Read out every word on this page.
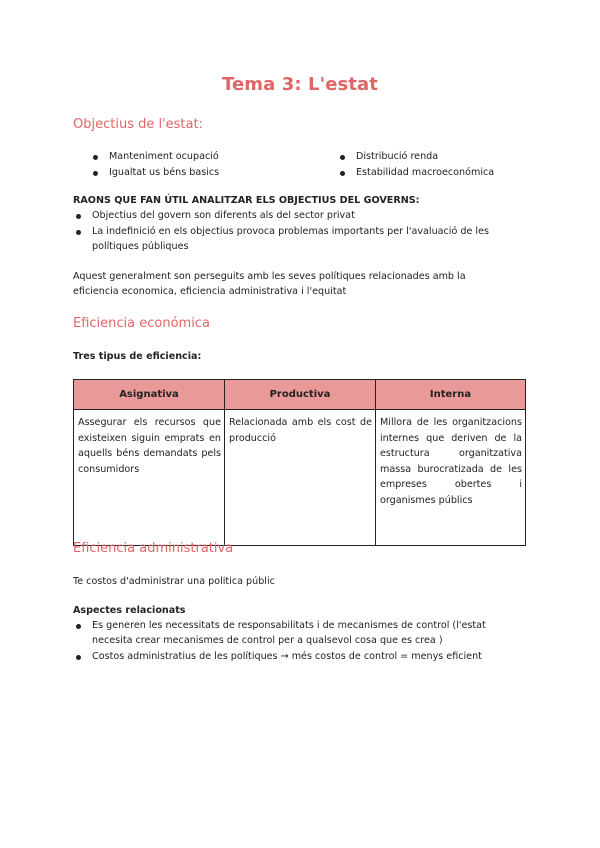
Tema 3: L'estat
Objectius de l'estat:
Manteniment ocupació
Igualtat us béns basics
Distribució renda
Estabilidad macroeconómica
RAONS QUE FAN ÚTIL ANALITZAR ELS OBJECTIUS DEL GOVERNS:
Objectius del govern son diferents als del sector privat
La indefinició en els objectius provoca problemas importants per l'avaluació de les polítiques públiques
Aquest generalment son perseguits amb les seves polítiques relacionades amb la eficiencia economica, eficiencia administrativa i l'equitat
Eficiencia económica
Tres tipus de eficiencia:
Asignativa	Productiva	Interna
Assegurar els recursos que existeixen siguin emprats en aquells béns demandats pels consumidors	Relacionada amb els cost de producció	Millora de les organitzacions internes que deriven de la estructura organitzativa massa burocratizada de les empreses obertes i organismes públics
Eficiencia administrativa
Te costos d'administrar una politica públic
Aspectes relacionats
Es generen les necessitats de responsabilitats i de mecanismes de control (l'estat necesita crear mecanismes de control per a qualsevol cosa que es crea )
Costos administratius de les polítiques → més costos de control = menys eficient
